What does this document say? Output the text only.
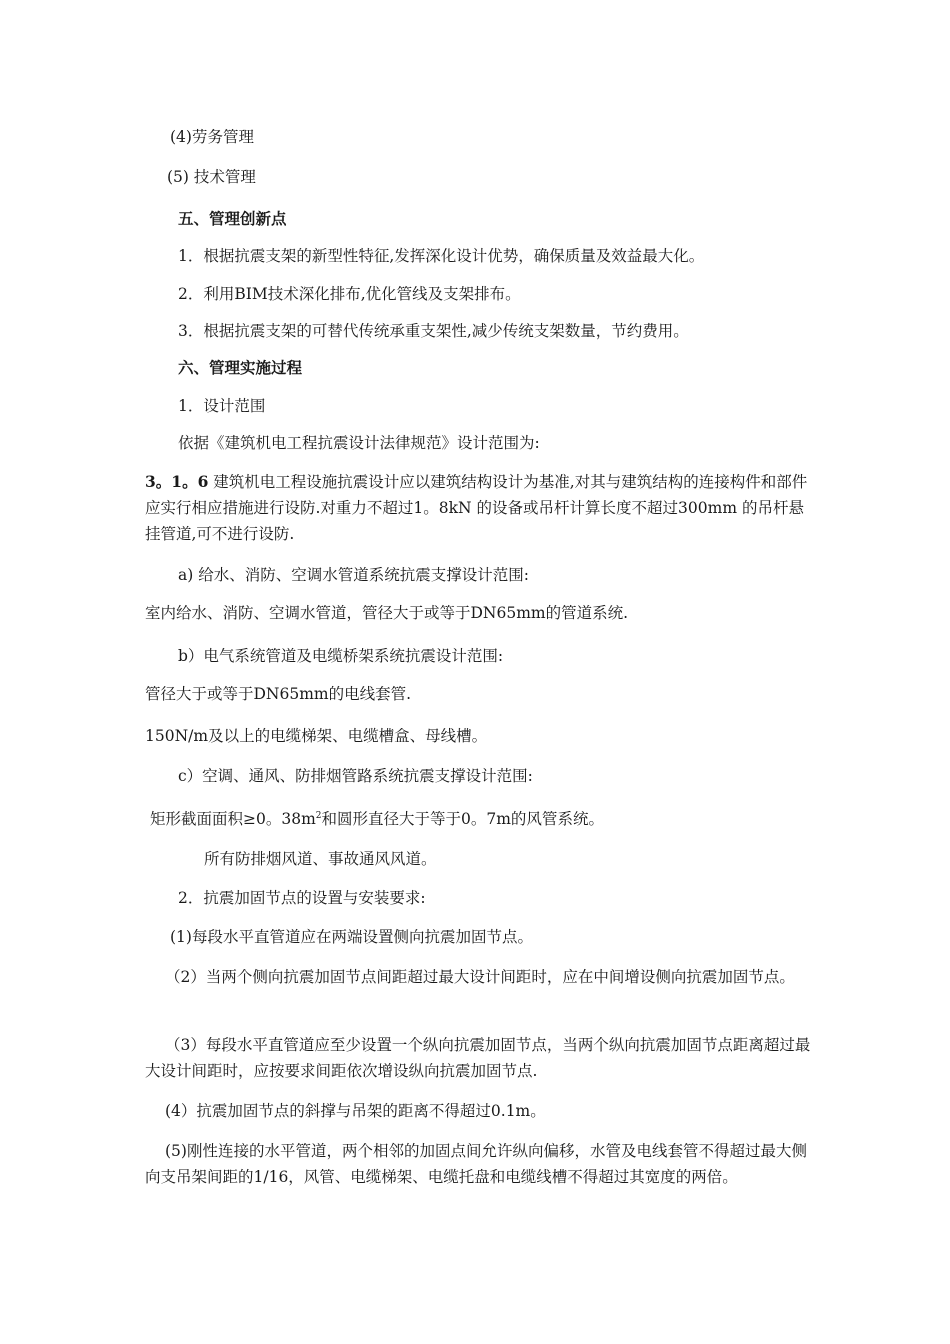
(4)劳务管理
(5) 技术管理
五、管理创新点
1．根据抗震支架的新型性特征,发挥深化设计优势，确保质量及效益最大化。
2．利用BIM技术深化排布,优化管线及支架排布。
3．根据抗震支架的可替代传统承重支架性,减少传统支架数量，节约费用。
六、管理实施过程
1．设计范围
依据《建筑机电工程抗震设计法律规范》设计范围为:
3。1。6 建筑机电工程设施抗震设计应以建筑结构设计为基准,对其与建筑结构的连接构件和部件应实行相应措施进行设防.对重力不超过1。8kN 的设备或吊杆计算长度不超过300mm 的吊杆悬挂管道,可不进行设防.
a) 给水、消防、空调水管道系统抗震支撑设计范围:
室内给水、消防、空调水管道，管径大于或等于DN65mm的管道系统.
b）电气系统管道及电缆桥架系统抗震设计范围:
管径大于或等于DN65mm的电线套管.
150N/m及以上的电缆梯架、电缆槽盒、母线槽。
c）空调、通风、防排烟管路系统抗震支撑设计范围:
矩形截面面积≥0。$38m^2$和圆形直径大于等于0。7m的风管系统。
所有防排烟风道、事故通风风道。
2．抗震加固节点的设置与安装要求:
(1)每段水平直管道应在两端设置侧向抗震加固节点。
（2）当两个侧向抗震加固节点间距超过最大设计间距时，应在中间增设侧向抗震加固节点。
（3）每段水平直管道应至少设置一个纵向抗震加固节点，当两个纵向抗震加固节点距离超过最大设计间距时，应按要求间距依次增设纵向抗震加固节点.
(4）抗震加固节点的斜撑与吊架的距离不得超过0.1m。
(5)刚性连接的水平管道，两个相邻的加固点间允许纵向偏移，水管及电线套管不得超过最大侧向支吊架间距的1/16，风管、电缆梯架、电缆托盘和电缆线槽不得超过其宽度的两倍。
